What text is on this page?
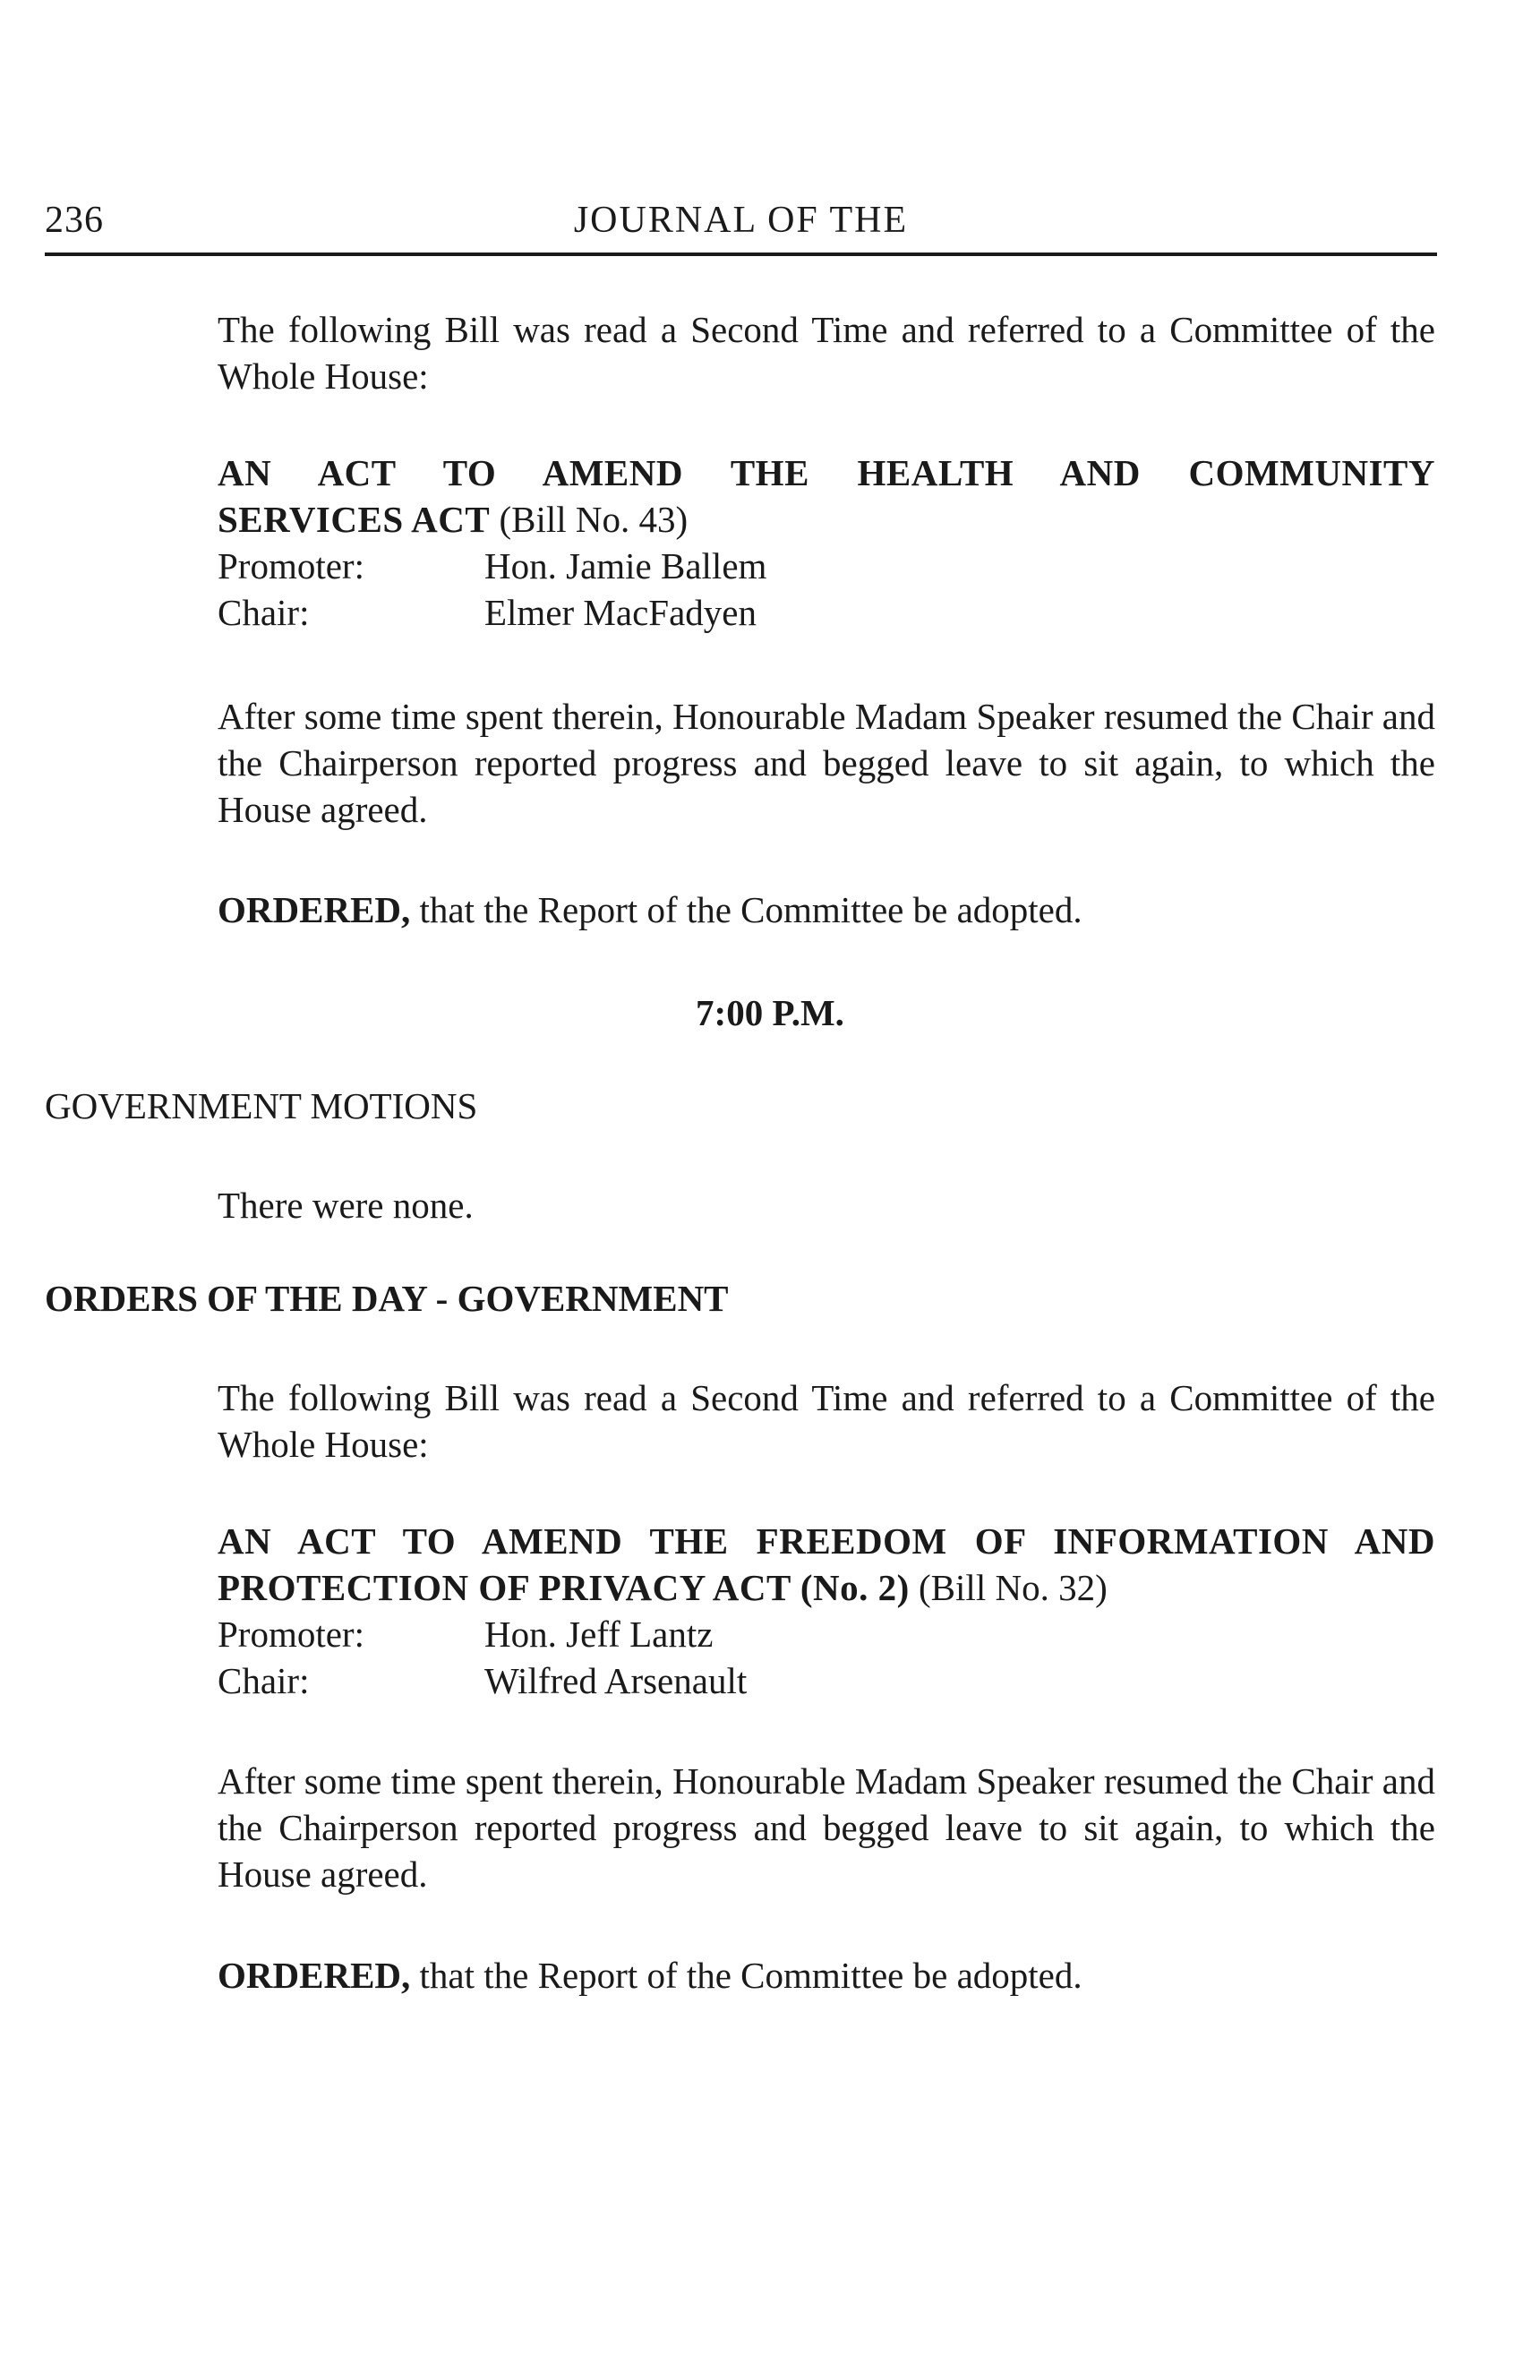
236	JOURNAL OF THE
The following Bill was read a Second Time and referred to a Committee of the Whole House:
AN ACT TO AMEND THE HEALTH AND COMMUNITY
SERVICES ACT (Bill No. 43)
Promoter:	Hon. Jamie Ballem
Chair:	Elmer MacFadyen
After some time spent therein, Honourable Madam Speaker resumed the Chair and the Chairperson reported progress and begged leave to sit again, to which the House agreed.
ORDERED, that the Report of the Committee be adopted.
7:00 P.M.
GOVERNMENT MOTIONS
There were none.
ORDERS OF THE DAY - GOVERNMENT
The following Bill was read a Second Time and referred to a Committee of the Whole House:
AN ACT TO AMEND THE FREEDOM OF INFORMATION AND
PROTECTION OF PRIVACY ACT (No. 2) (Bill No. 32)
Promoter:	Hon. Jeff Lantz
Chair:	Wilfred Arsenault
After some time spent therein, Honourable Madam Speaker resumed the Chair and the Chairperson reported progress and begged leave to sit again, to which the House agreed.
ORDERED, that the Report of the Committee be adopted.
